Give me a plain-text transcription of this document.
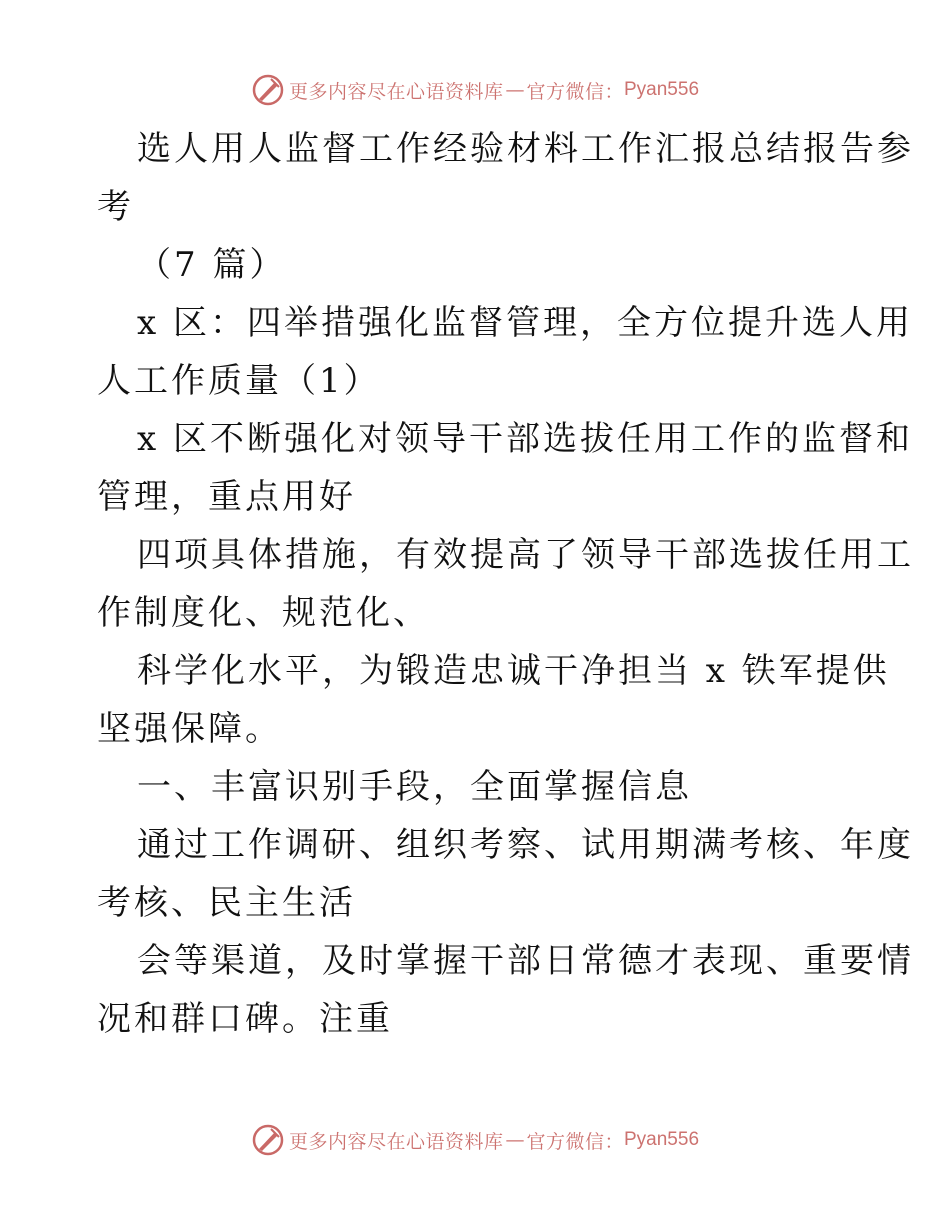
更多内容尽在心语资料库 — 官方微信： Pyan556
选人用人监督工作经验材料工作汇报总结报告参
考
（7 篇）
x 区：四举措强化监督管理，全方位提升选人用
人工作质量（1）
x 区不断强化对领导干部选拔任用工作的监督和
管理，重点用好
四项具体措施，有效提高了领导干部选拔任用工
作制度化、规范化、
科学化水平，为锻造忠诚干净担当 x 铁军提供
坚强保障。
一、丰富识别手段，全面掌握信息
通过工作调研、组织考察、试用期满考核、年度
考核、民主生活
会等渠道，及时掌握干部日常德才表现、重要情
况和群口碑。注重
更多内容尽在心语资料库 — 官方微信： Pyan556
